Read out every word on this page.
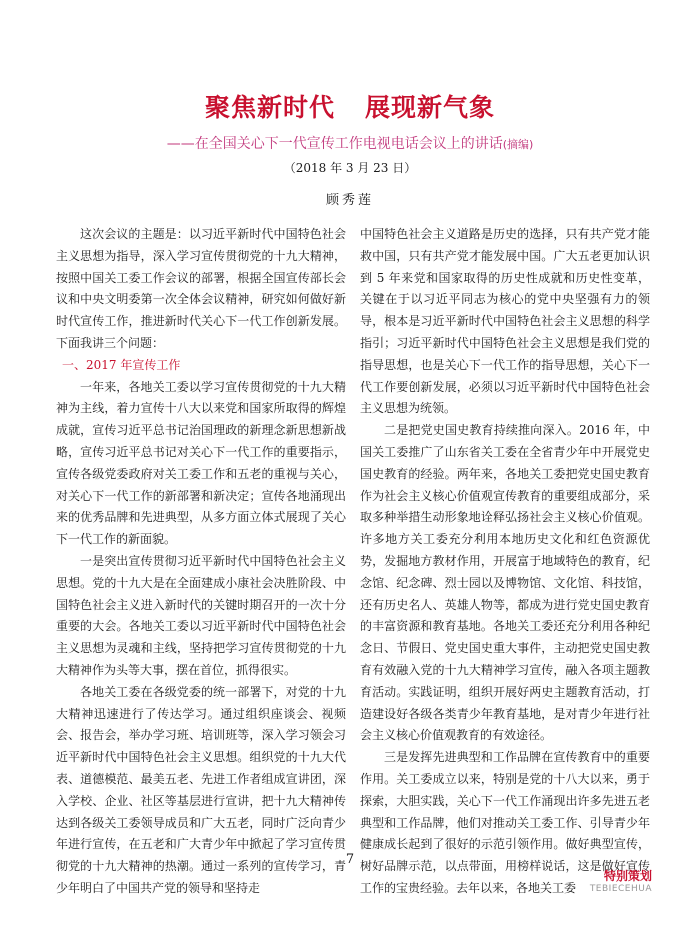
聚焦新时代 展现新气象

——在全国关心下一代宣传工作电视电话会议上的讲话(摘编)

（2018 年 3 月 23 日）

顾秀莲

这次会议的主题是：以习近平新时代中国特色社会主义思想为指导，深入学习宣传贯彻党的十九大精神，按照中国关工委工作会议的部署，根据全国宣传部长会议和中央文明委第一次全体会议精神，研究如何做好新时代宣传工作，推进新时代关心下一代工作创新发展。下面我讲三个问题：

一、2017 年宣传工作

一年来，各地关工委以学习宣传贯彻党的十九大精神为主线，着力宣传十八大以来党和国家所取得的辉煌成就，宣传习近平总书记治国理政的新理念新思想新战略，宣传习近平总书记对关心下一代工作的重要指示，宣传各级党委政府对关工委工作和五老的重视与关心，对关心下一代工作的新部署和新决定；宣传各地涌现出来的优秀品牌和先进典型，从多方面立体式展现了关心下一代工作的新面貌。

一是突出宣传贯彻习近平新时代中国特色社会主义思想。党的十九大是在全面建成小康社会决胜阶段、中国特色社会主义进入新时代的关键时期召开的一次十分重要的大会。各地关工委以习近平新时代中国特色社会主义思想为灵魂和主线，坚持把学习宣传贯彻党的十九大精神作为头等大事，摆在首位，抓得很实。

各地关工委在各级党委的统一部署下，对党的十九大精神迅速进行了传达学习。通过组织座谈会、视频会、报告会，举办学习班、培训班等，深入学习领会习近平新时代中国特色社会主义思想。组织党的十九大代表、道德模范、最美五老、先进工作者组成宣讲团，深入学校、企业、社区等基层进行宣讲，把十九大精神传达到各级关工委领导成员和广大五老，同时广泛向青少年进行宣传，在五老和广大青少年中掀起了学习宣传贯彻党的十九大精神的热潮。通过一系列的宣传学习，青少年明白了中国共产党的领导和坚持走

中国特色社会主义道路是历史的选择，只有共产党才能救中国，只有共产党才能发展中国。广大五老更加认识到 5 年来党和国家取得的历史性成就和历史性变革，关键在于以习近平同志为核心的党中央坚强有力的领导，根本是习近平新时代中国特色社会主义思想的科学指引；习近平新时代中国特色社会主义思想是我们党的指导思想，也是关心下一代工作的指导思想，关心下一代工作要创新发展，必须以习近平新时代中国特色社会主义思想为统领。

二是把党史国史教育持续推向深入。2016 年，中国关工委推广了山东省关工委在全省青少年中开展党史国史教育的经验。两年来，各地关工委把党史国史教育作为社会主义核心价值观宣传教育的重要组成部分，采取多种举措生动形象地诠释弘扬社会主义核心价值观。许多地方关工委充分利用本地历史文化和红色资源优势，发掘地方教材作用，开展富于地域特色的教育，纪念馆、纪念碑、烈士园以及博物馆、文化馆、科技馆，还有历史名人、英雄人物等，都成为进行党史国史教育的丰富资源和教育基地。各地关工委还充分利用各种纪念日、节假日、党史国史重大事件，主动把党史国史教育有效融入党的十九大精神学习宣传，融入各项主题教育活动。实践证明，组织开展好两史主题教育活动，打造建设好各级各类青少年教育基地，是对青少年进行社会主义核心价值观教育的有效途径。

三是发挥先进典型和工作品牌在宣传教育中的重要作用。关工委成立以来，特别是党的十八大以来，勇于探索，大胆实践，关心下一代工作涌现出许多先进五老典型和工作品牌，他们对推动关工委工作、引导青少年健康成长起到了很好的示范引领作用。做好典型宣传，树好品牌示范，以点带面，用榜样说话，这是做好宣传工作的宝贵经验。去年以来，各地关工委

7

特别策划
TEBIECEHUA
